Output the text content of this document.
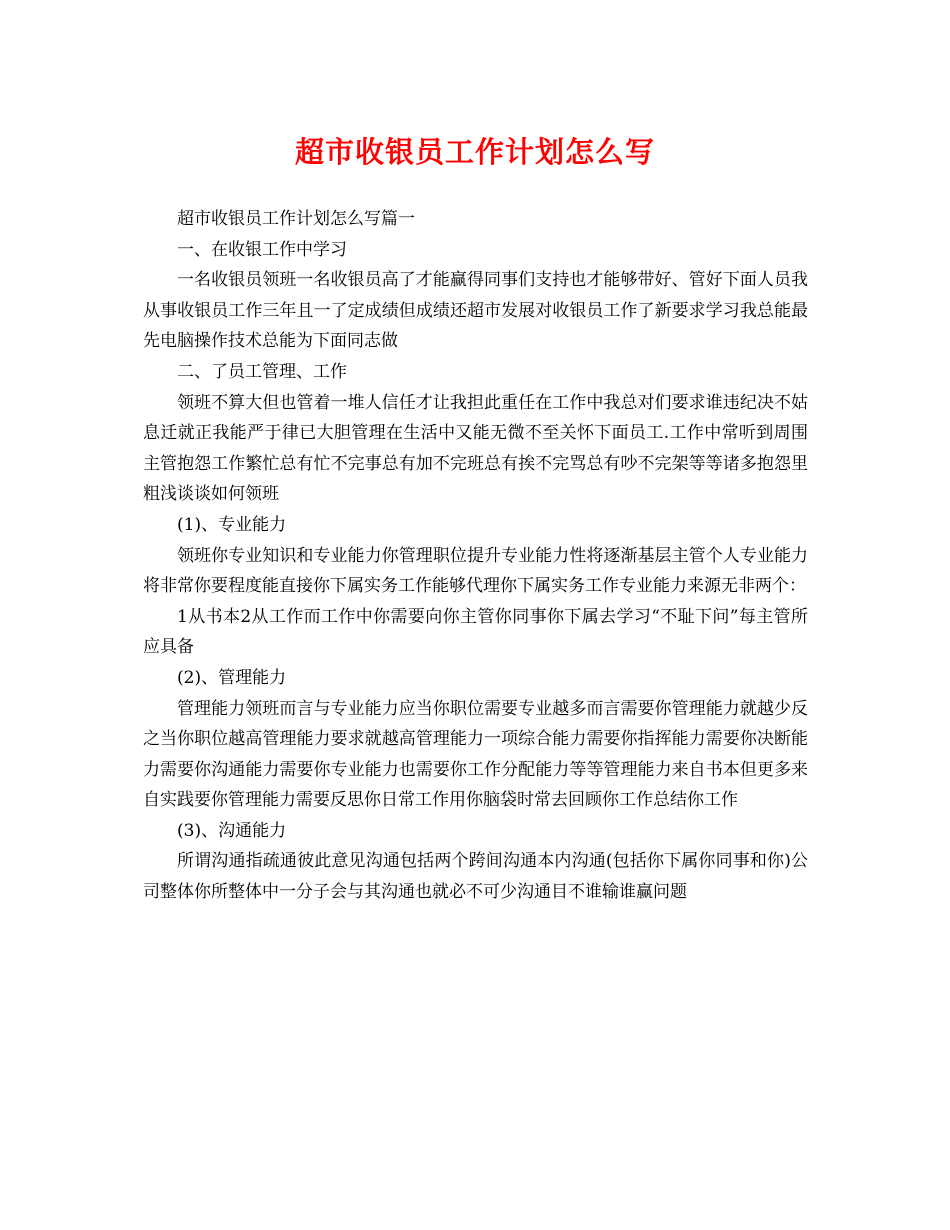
超市收银员工作计划怎么写

超市收银员工作计划怎么写篇一

一、在收银工作中学习

一名收银员领班一名收银员高了才能赢得同事们支持也才能够带好、管好下面人员我从事收银员工作三年且一了定成绩但成绩还超市发展对收银员工作了新要求学习我总能最先电脑操作技术总能为下面同志做

二、了员工管理、工作

领班不算大但也管着一堆人信任才让我担此重任在工作中我总对们要求谁违纪决不姑息迁就正我能严于律已大胆管理在生活中又能无微不至关怀下面员工.工作中常听到周围主管抱怨工作繁忙总有忙不完事总有加不完班总有挨不完骂总有吵不完架等等诸多抱怨里粗浅谈谈如何领班

(1)、专业能力

领班你专业知识和专业能力你管理职位提升专业能力性将逐渐基层主管个人专业能力将非常你要程度能直接你下属实务工作能够代理你下属实务工作专业能力来源无非两个：

1从书本2从工作而工作中你需要向你主管你同事你下属去学习“不耻下问”每主管所应具备

(2)、管理能力

管理能力领班而言与专业能力应当你职位需要专业越多而言需要你管理能力就越少反之当你职位越高管理能力要求就越高管理能力一项综合能力需要你指挥能力需要你决断能力需要你沟通能力需要你专业能力也需要你工作分配能力等等管理能力来自书本但更多来自实践要你管理能力需要反思你日常工作用你脑袋时常去回顾你工作总结你工作

(3)、沟通能力

所谓沟通指疏通彼此意见沟通包括两个跨间沟通本内沟通(包括你下属你同事和你)公司整体你所整体中一分子会与其沟通也就必不可少沟通目不谁输谁赢问题
